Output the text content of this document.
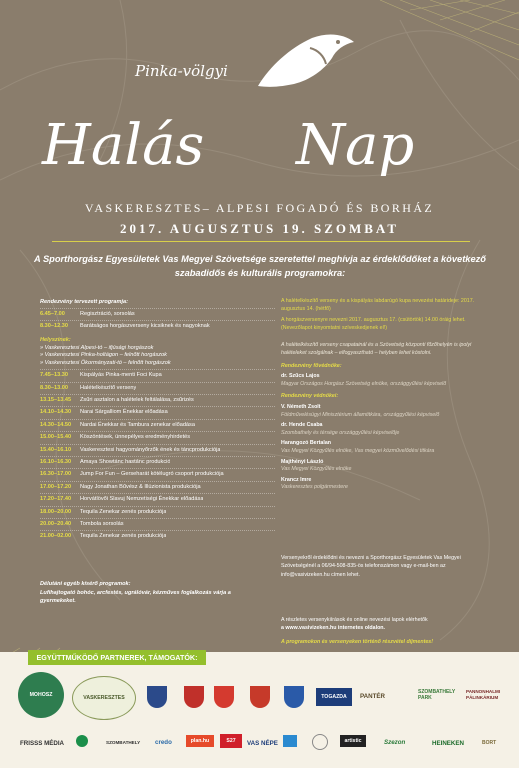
Pinka-völgyi
Halás Nap
VASKERESZTES– ALPESI FOGADÓ ÉS BORHÁZ
2017. AUGUSZTUS 19. SZOMBAT
A Sporthorgász Egyesületek Vas Megyei Szövetsége szeretettel meghívja az érdeklődőket a következő szabadidős és kulturális programokra:
Rendezvény tervezett programja:
6.45–7.00	Regisztráció, sorsolás
8.30–12.30	Barátságos horgászverseny kicsiknek és nagyoknak
Helyszínek:
» Vaskeresztesi Alpesi-tó – ifjúsági horgászok
» Vaskeresztesi Pinka-holtágon – felnőtt horgászok
» Vaskeresztesi Ökormányzati-tó – felnőtt horgászok
7.45–13.30	Kispályás Pinka-menti Foci Kupa
8.30–13.00	Halételkészítő verseny
13.15–13.45	Zsűri asztalon a halételek feltálalása, zsűrizés
14.10–14.30	Narai Sárgalliom Énekkar előadása
14.30–14.50	Nardai Énekkar és Tambura zenekar előadása
15.00–15.40	Köszöntések, ünnepélyes eredményhirdetés
15.40–16.10	Vaskeresztesi hagyományőrzők ének és táncprodukciója
16.10–16.30	Amaya Showtánc hastánc produkció
16.30–17.00	Jump For Fun – Gerseharát kötélugró csoport produkciója
17.00–17.20	Nagy Jonathan Bűvész & Illúzionista produkciója
17.20–17.40	Horvátlövői Slavuj Nemzetiségi Énekkar előadása
18.00–20.00	Tequila Zenekar zenés produkciója
20.00–20.40	Tombola sorsolás
21.00–02.00	Tequila Zenekar zenés produkciója
Délutáni egyéb kísérő programok:
Lufihajtogató bohóc, arcfestés, ugrálóvár, kézműves foglalkozás várja a gyermekeket.
A halételkészítő verseny és a kispályás labdarúgó kupa nevezési határideje: 2017. augusztus 14. (hétfő)
A horgászversenyre nevezni 2017. augusztus 17. (csütörtök) 14.00 óráig lehet. (Nevezőlapot kinyomtatni szíveskedjenek el!)
A halételkészítő verseny csapatainál és a Szövetség központi főzőhelyén is ipolyi halételeket szolgálnak – elfogyasztható – helyben lehet kóstolni.
Rendezvény fővédnöke:
dr. Szűcs Lajos
Magyar Országos Horgász Szövetség elnöke, országgyűlési képviselő
Rendezvény védnökei:
V. Németh Zsolt
Földművelésügyi Minisztérium államtitkára, országgyűlési képviselő
dr. Hende Csaba
Szombathely és térsége országgyűlési képviselője
Harangozó Bertalan
Vas Megyei Közgyűlés elnöke, Vas megyei közművelődési titkára
Majthényi László
Vas Megyei Közgyűlés elnöke
Krancz Imre
Vaskeresztes polgármestere
Versenyekről érdeklődni és nevezni a Sporthorgász Egyesületek Vas Megyei Szövetségénél a 06/94-508-835-ös telefonszámon vagy e-mail-ben az info@vasivizeken.hu címen lehet.
A részletes versenykiírások és online nevezési lapok elérhetők
a www.vasivizeken.hu internetes oldalon.
A programokon és versenyeken történő részvétel díjmentes!
EGYÜTTMŰKÖDŐ PARTNEREK, TÁMOGATÓK:
MOHOSZ	VASKERESZTES	TOGAZDA PANTÉR
SZOMBATHELY PARK
PANNONHALMI PÁLINKÁRIUM
FRISSS MÉDIA	SZOMBATHELY credo	plan.hu	S27 VAS NÉPE	artistic	Szezon	HEINEKEN	BORT
